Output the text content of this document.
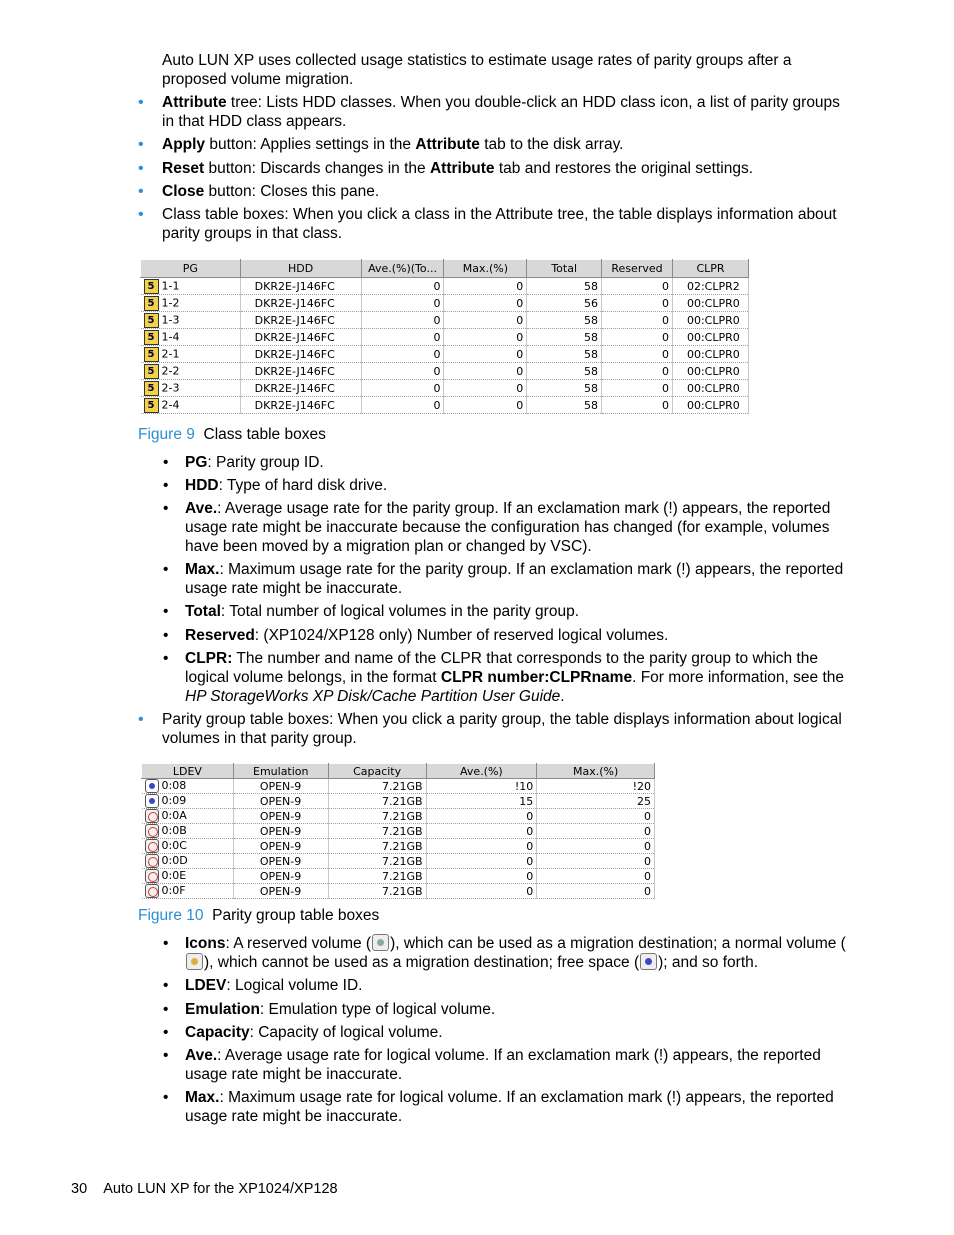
Auto LUN XP uses collected usage statistics to estimate usage rates of parity groups after a proposed volume migration.

• Attribute tree: Lists HDD classes. When you double-click an HDD class icon, a list of parity groups in that HDD class appears.

• Apply button: Applies settings in the Attribute tab to the disk array.

• Reset button: Discards changes in the Attribute tab and restores the original settings.

• Close button: Closes this pane.

• Class table boxes: When you click a class in the Attribute tree, the table displays information about parity groups in that class.

PG	HDD	Ave.(%)(To...	Max.(%)	Total	Reserved	CLPR
5 1-1	DKR2E-J146FC	0	0	58	0	02:CLPR2
5 1-2	DKR2E-J146FC	0	0	56	0	00:CLPR0
5 1-3	DKR2E-J146FC	0	0	58	0	00:CLPR0
5 1-4	DKR2E-J146FC	0	0	58	0	00:CLPR0
5 2-1	DKR2E-J146FC	0	0	58	0	00:CLPR0
5 2-2	DKR2E-J146FC	0	0	58	0	00:CLPR0
5 2-3	DKR2E-J146FC	0	0	58	0	00:CLPR0
5 2-4	DKR2E-J146FC	0	0	58	0	00:CLPR0
Figure 9 Class table boxes
• PG: Parity group ID.

• HDD: Type of hard disk drive.

• Ave.: Average usage rate for the parity group. If an exclamation mark (!) appears, the reported usage rate might be inaccurate because the configuration has changed (for example, volumes have been moved by a migration plan or changed by VSC).

• Max.: Maximum usage rate for the parity group. If an exclamation mark (!) appears, the reported usage rate might be inaccurate.

• Total: Total number of logical volumes in the parity group.

• Reserved: (XP1024/XP128 only) Number of reserved logical volumes.

• CLPR: The number and name of the CLPR that corresponds to the parity group to which the logical volume belongs, in the format CLPR number:CLPRname. For more information, see the
HP StorageWorks XP Disk/Cache Partition User Guide.

• Parity group table boxes: When you click a parity group, the table displays information about logical volumes in that parity group.

LDEV	Emulation	Capacity	Ave.(%)	Max.(%)
0:08	OPEN-9	7.21GB	!10	!20
0:09	OPEN-9	7.21GB	15	25
0:0A	OPEN-9	7.21GB	0	0
0:0B	OPEN-9	7.21GB	0	0
0:0C	OPEN-9	7.21GB	0	0
0:0D	OPEN-9	7.21GB	0	0
0:0E	OPEN-9	7.21GB	0	0
0:0F	OPEN-9	7.21GB	0	0
Figure 10 Parity group table boxes
• Icons: A reserved volume ( ), which can be used as a migration destination; a normal volume (), which cannot be used as a migration destination; free space ( ); and so forth.

• LDEV: Logical volume ID.

• Emulation: Emulation type of logical volume.

• Capacity: Capacity of logical volume.

• Ave.: Average usage rate for logical volume. If an exclamation mark (!) appears, the reported usage rate might be inaccurate.

• Max.: Maximum usage rate for logical volume. If an exclamation mark (!) appears, the reported usage rate might be inaccurate.

30 Auto LUN XP for the XP1024/XP128
